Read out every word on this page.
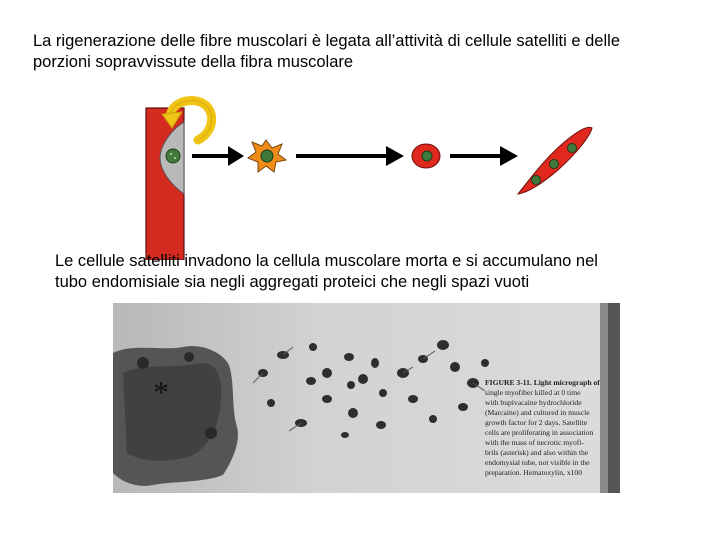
La rigenerazione delle fibre muscolari è legata all’attività di cellule satelliti e delle
porzioni sopravvissute della fibra muscolare

Le cellule satelliti invadono la cellula muscolare morta e si accumulano nel
tubo endomisiale sia negli aggregati proteici che negli spazi vuoti

*	FIGURE 3-11. Light micrograph of
single myofiber killed at 0 time
with bupivacaine hydrochloride
(Marcaine) and cultured in muscle
growth factor for 2 days. Satellite
cells are proliferating in association
with the mass of necrotic myofi-
brils (asterisk) and also within the
endomysial tube, not visible in the
preparation. Hematoxylin, x100
